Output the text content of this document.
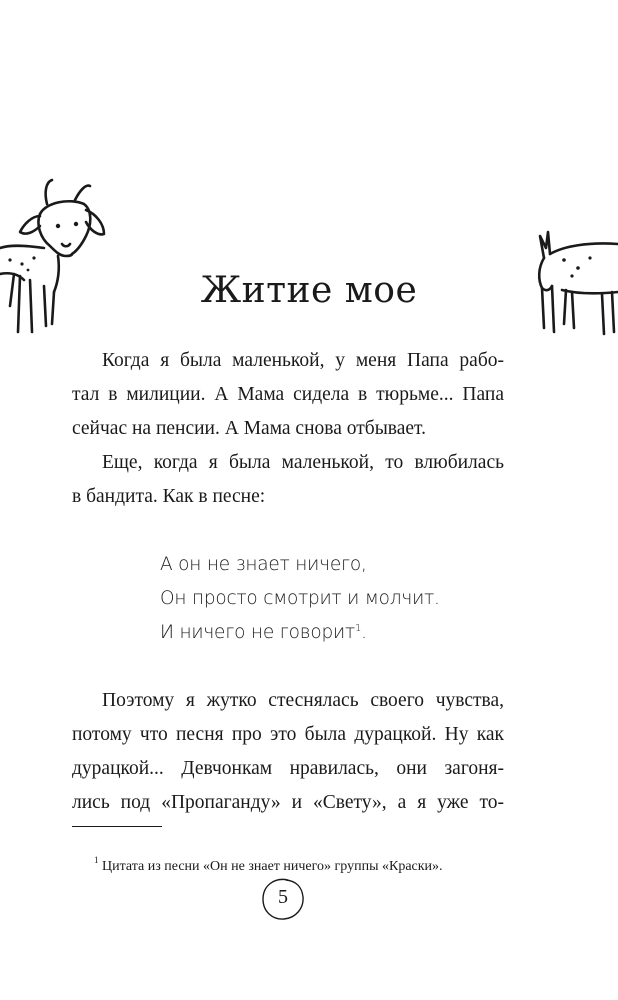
Житие мое
Когда я была маленькой, у меня Папа рабо-
тал в милиции. А Мама сидела в тюрьме... Папа
сейчас на пенсии. А Мама снова отбывает.
Еще, когда я была маленькой, то влюбилась
в бандита. Как в песне:
А он не знает ничего,
Он просто смотрит и молчит.
И ничего не говорит$^1$.
Поэтому я жутко стеснялась своего чувства,
потому что песня про это была дурацкой. Ну как
дурацкой... Девчонкам нравилась, они загоня-
лись под «Пропаганду» и «Свету», а я уже то-
1 Цитата из песни «Он не знает ничего» группы «Краски».
5
